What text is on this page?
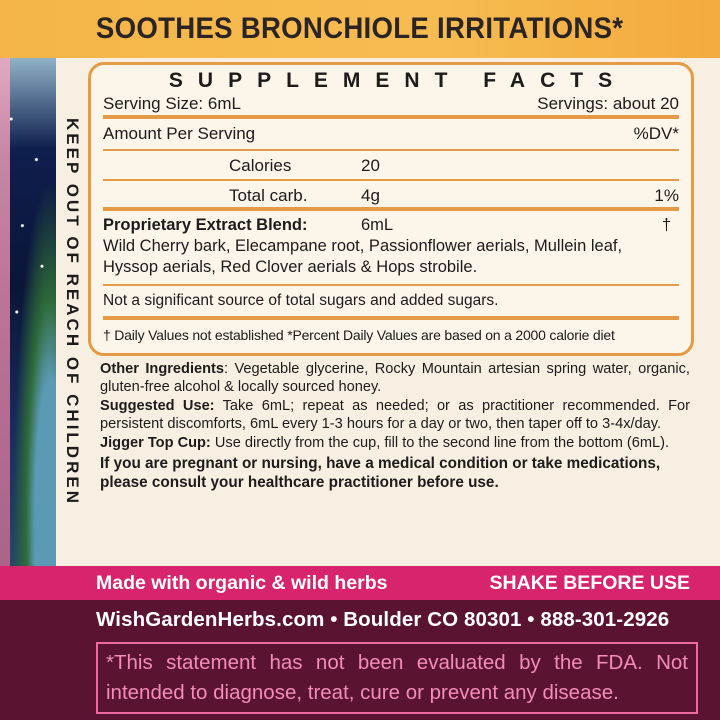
SOOTHES BRONCHIOLE IRRITATIONS*
KEEP OUT OF REACH OF CHILDREN
SUPPLEMENT FACTS
Serving Size: 6mL	Servings: about 20
Amount Per Serving	%DV*
Calories	20
Total carb.	4g	1%
Proprietary Extract Blend:	6mL	†
Wild Cherry bark, Elecampane root, Passionflower aerials, Mullein leaf, Hyssop aerials, Red Clover aerials & Hops strobile.
Not a significant source of total sugars and added sugars.
† Daily Values not established *Percent Daily Values are based on a 2000 calorie diet

Other Ingredients: Vegetable glycerine, Rocky Mountain artesian spring water, organic, gluten-free alcohol & locally sourced honey.

Suggested Use: Take 6mL; repeat as needed; or as practitioner recommended. For persistent discomforts, 6mL every 1-3 hours for a day or two, then taper off to 3-4x/day.

Jigger Top Cup: Use directly from the cup, fill to the second line from the bottom (6mL).

If you are pregnant or nursing, have a medical condition or take medications, please consult your healthcare practitioner before use.

Made with organic & wild herbs	SHAKE BEFORE USE
WishGardenHerbs.com • Boulder CO 80301 • 888-301-2926
*This statement has not been evaluated by the FDA. Not intended to diagnose, treat, cure or prevent any disease.
